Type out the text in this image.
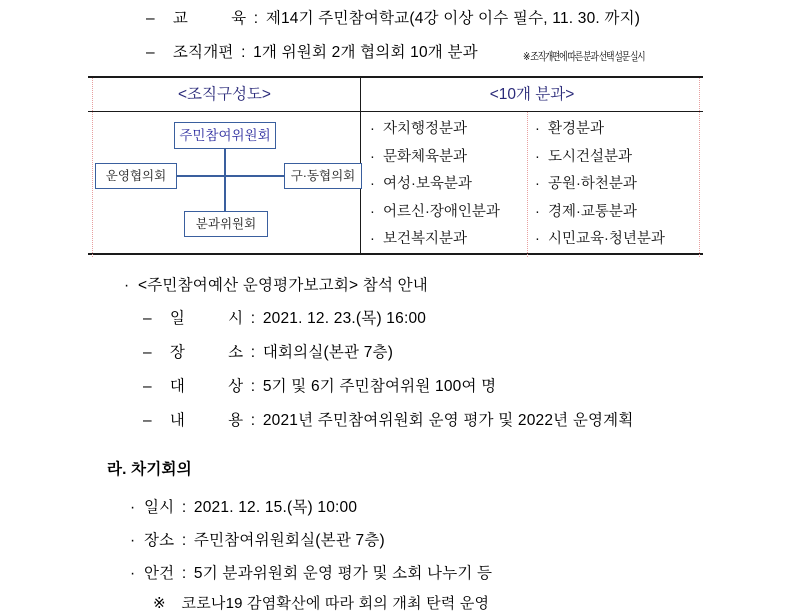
– 교	육 : 제14기 주민참여학교(4강 이상 이수 필수, 11. 30. 까지)
– 조직개편 : 1개 위원회 2개 협의회 10개 분과	※ 조직개편에 따른 분과 선택 설문 실시
<조직구성도>	<10개 분과>
주민참여위원회
운영협의회	구·동협의회
분과위원회
· 자치행정분과
· 문화체육분과
· 여성·보육분과
· 어르신·장애인분과
· 보건복지분과
· 환경분과
· 도시건설분과
· 공원·하천분과
· 경제·교통분과
· 시민교육·청년분과
· <주민참여예산 운영평가보고회> 참석 안내
– 일	시 : 2021. 12. 23.(목) 16:00
– 장	소 : 대회의실(본관 7층)
– 대	상 : 5기 및 6기 주민참여위원 100여 명
– 내	용 : 2021년 주민참여위원회 운영 평가 및 2022년 운영계획
라. 차기회의
· 일시 : 2021. 12. 15.(목) 10:00
· 장소 : 주민참여위원회실(본관 7층)
· 안건 : 5기 분과위원회 운영 평가 및 소회 나누기 등
※ 코로나19 감염확산에 따라 회의 개최 탄력 운영
